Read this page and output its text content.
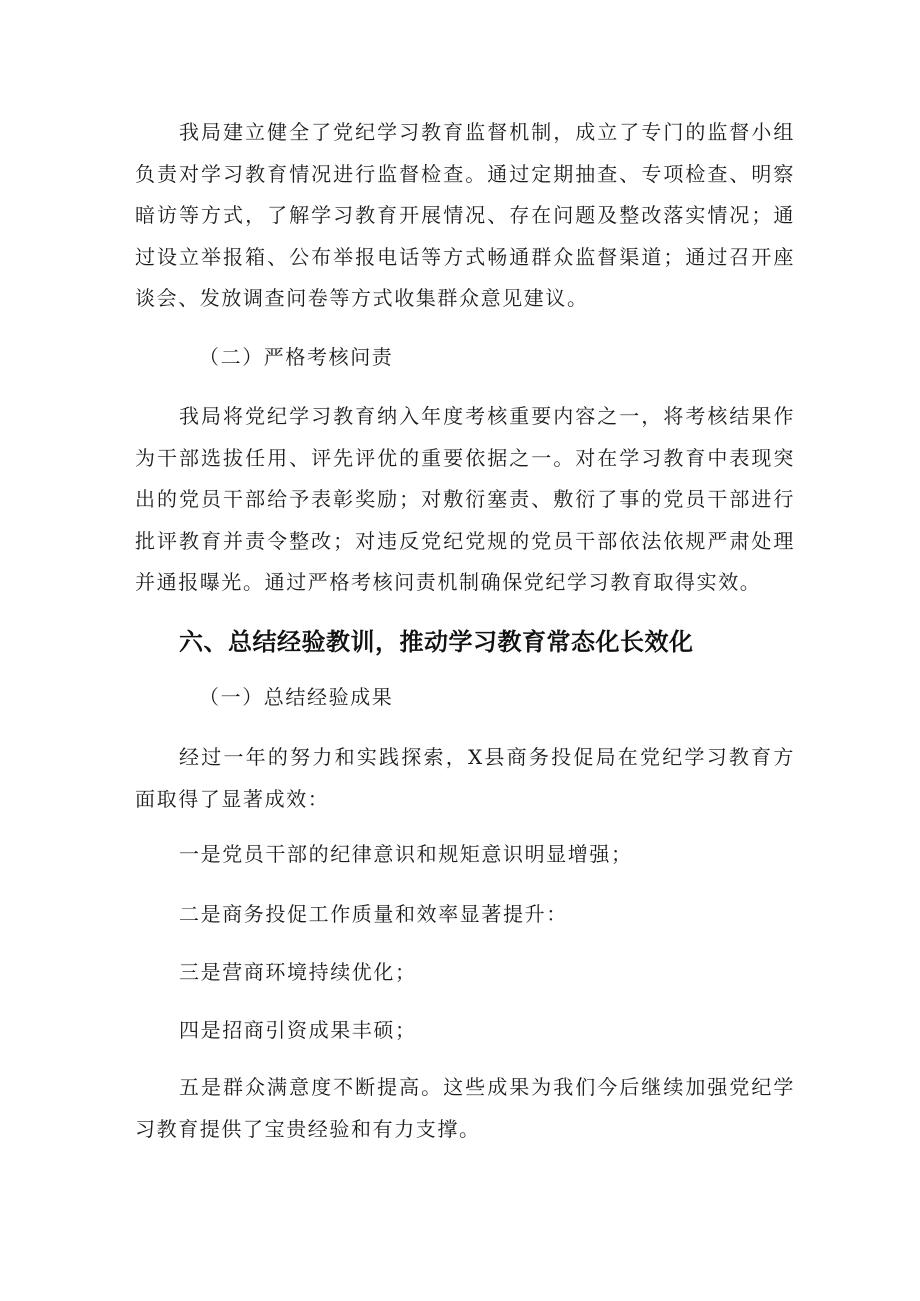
我局建立健全了党纪学习教育监督机制，成立了专门的监督小组负责对学习教育情况进行监督检查。通过定期抽查、专项检查、明察暗访等方式，了解学习教育开展情况、存在问题及整改落实情况；通过设立举报箱、公布举报电话等方式畅通群众监督渠道；通过召开座谈会、发放调查问卷等方式收集群众意见建议。

（二）严格考核问责

我局将党纪学习教育纳入年度考核重要内容之一，将考核结果作为干部选拔任用、评先评优的重要依据之一。对在学习教育中表现突出的党员干部给予表彰奖励；对敷衍塞责、敷衍了事的党员干部进行批评教育并责令整改；对违反党纪党规的党员干部依法依规严肃处理并通报曝光。通过严格考核问责机制确保党纪学习教育取得实效。

六、总结经验教训，推动学习教育常态化长效化

（一）总结经验成果

经过一年的努力和实践探索，X县商务投促局在党纪学习教育方面取得了显著成效：

一是党员干部的纪律意识和规矩意识明显增强；

二是商务投促工作质量和效率显著提升：

三是营商环境持续优化；

四是招商引资成果丰硕；

五是群众满意度不断提高。这些成果为我们今后继续加强党纪学习教育提供了宝贵经验和有力支撑。
